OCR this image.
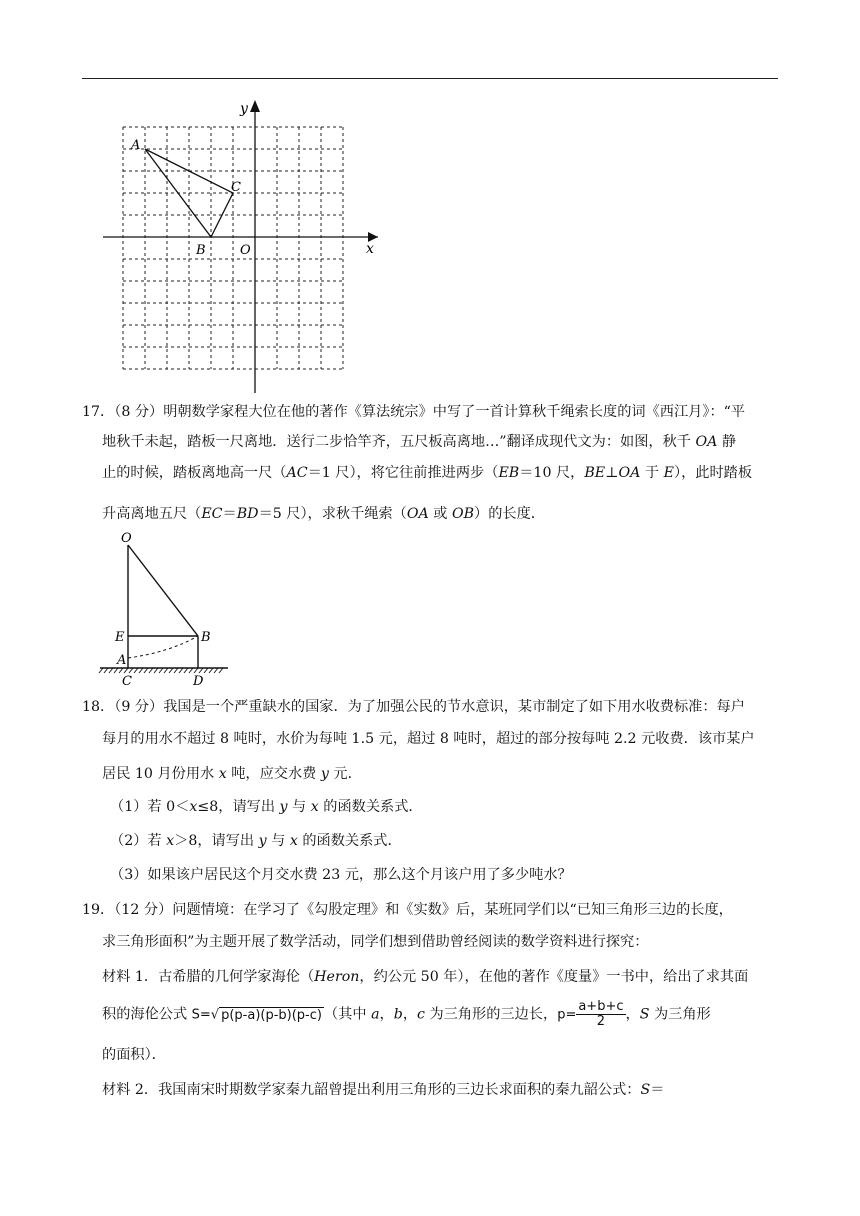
A
C
B	O	x
y
17．（8 分）明朝数学家程大位在他的著作《算法统宗》中写了一首计算秋千绳索长度的词《西江月》：“平
地秋千未起，踏板一尺离地．送行二步恰竿齐，五尺板高离地…”翻译成现代文为：如图，秋千 OA 静
止的时候，踏板离地高一尺（AC＝1 尺），将它往前推进两步（EB＝10 尺，BE⊥OA 于 E），此时踏板
升高离地五尺（EC＝BD＝5 尺），求秋千绳索（OA 或 OB）的长度．
O
E	B
A
C	D
18．（9 分）我国是一个严重缺水的国家．为了加强公民的节水意识，某市制定了如下用水收费标准：每户
每月的用水不超过 8 吨时，水价为每吨 1.5 元，超过 8 吨时，超过的部分按每吨 2.2 元收费．该市某户
居民 10 月份用水 x 吨，应交水费 y 元．
（1）若 0＜x≤8，请写出 y 与 x 的函数关系式．
（2）若 x＞8，请写出 y 与 x 的函数关系式．
（3）如果该户居民这个月交水费 23 元，那么这个月该户用了多少吨水？
19．（12 分）问题情境：在学习了《勾股定理》和《实数》后，某班同学们以“已知三角形三边的长度，
求三角形面积”为主题开展了数学活动，同学们想到借助曾经阅读的数学资料进行探究：
材料 1．古希腊的几何学家海伦（Heron，约公元 50 年），在他的著作《度量》一书中，给出了求其面
积的海伦公式 S=√ p(p-a)(p-b)(p-c) （其中 a，b，c 为三角形的三边长，$p= \frac{a+b+c}{2}$ ，S 为三角形
的面积）．
材料 2．我国南宋时期数学家秦九韶曾提出利用三角形的三边长求面积的秦九韶公式：S＝
